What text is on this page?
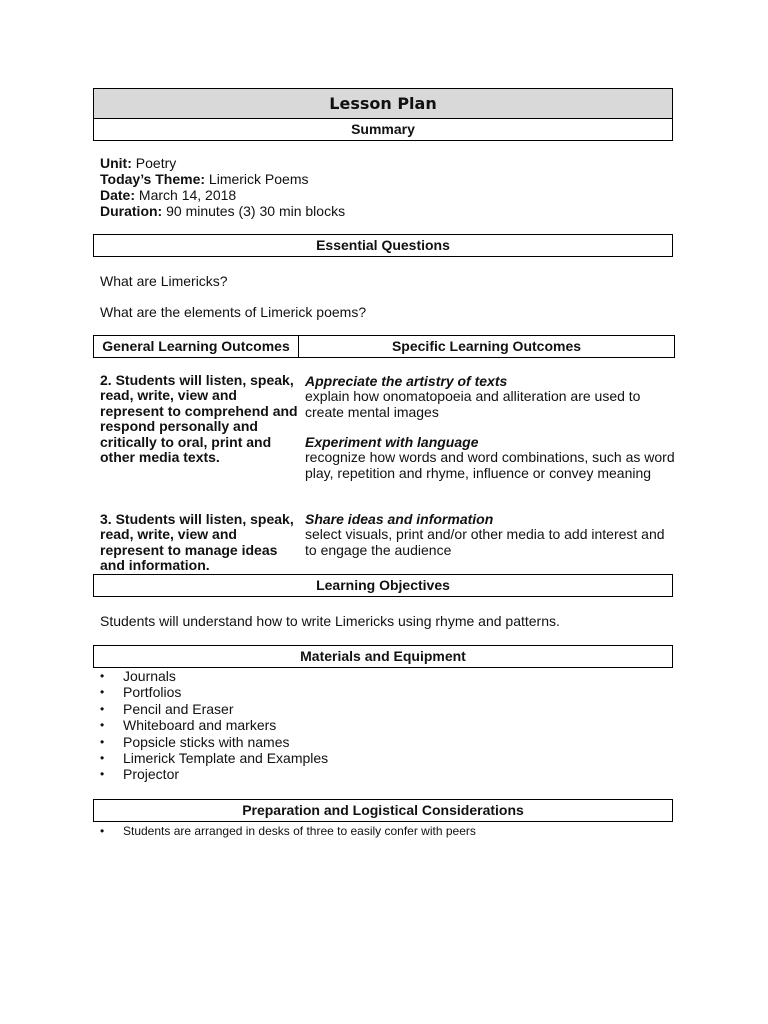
Lesson Plan
Summary
Unit: Poetry
Today’s Theme: Limerick Poems
Date: March 14, 2018
Duration: 90 minutes (3) 30 min blocks
Essential Questions
What are Limericks?
What are the elements of Limerick poems?
General Learning Outcomes	Specific Learning Outcomes
2. Students will listen, speak, read, write, view and represent to comprehend and respond personally and critically to oral, print and other media texts.
3. Students will listen, speak, read, write, view and represent to manage ideas and information.
Appreciate the artistry of texts
explain how onomatopoeia and alliteration are used to create mental images
Experiment with language
recognize how words and word combinations, such as word play, repetition and rhyme, influence or convey meaning
Share ideas and information
select visuals, print and/or other media to add interest and to engage the audience
Learning Objectives
Students will understand how to write Limericks using rhyme and patterns.
Materials and Equipment
• Journals
• Portfolios
• Pencil and Eraser
• Whiteboard and markers
• Popsicle sticks with names
• Limerick Template and Examples
• Projector
Preparation and Logistical Considerations
• Students are arranged in desks of three to easily confer with peers
